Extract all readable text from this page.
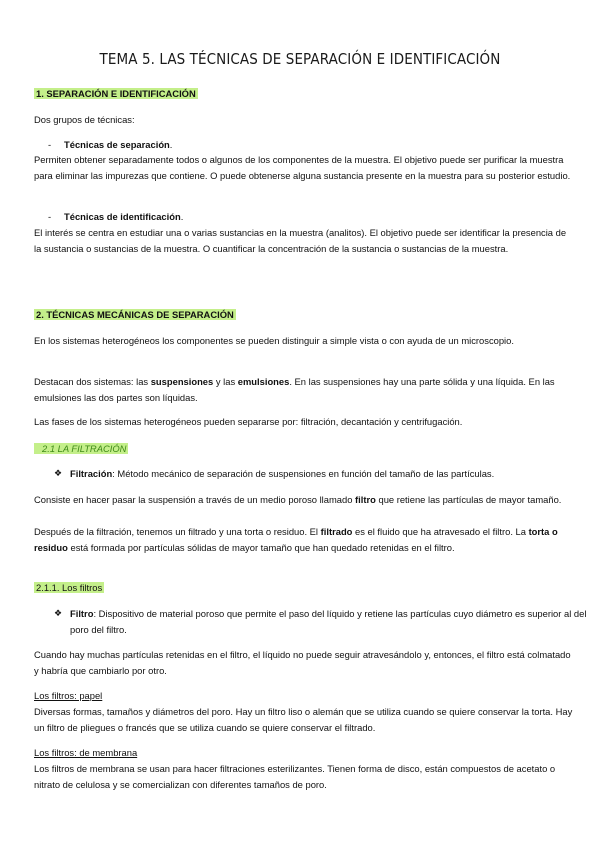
TEMA 5. LAS TÉCNICAS DE SEPARACIÓN E IDENTIFICACIÓN
1. SEPARACIÓN E IDENTIFICACIÓN

Dos grupos de técnicas:

- Técnicas de separación.

Permiten obtener separadamente todos o algunos de los componentes de la muestra. El objetivo puede ser purificar la muestra para eliminar las impurezas que contiene. O puede obtenerse alguna sustancia presente en la muestra para su posterior estudio.

- Técnicas de identificación.

El interés se centra en estudiar una o varias sustancias en la muestra (analitos). El objetivo puede ser identificar la presencia de la sustancia o sustancias de la muestra. O cuantificar la concentración de la sustancia o sustancias de la muestra.

2. TÉCNICAS MECÁNICAS DE SEPARACIÓN

En los sistemas heterogéneos los componentes se pueden distinguir a simple vista o con ayuda de un microscopio.

Destacan dos sistemas: las suspensiones y las emulsiones. En las suspensiones hay una parte sólida y una líquida. En las emulsiones las dos partes son líquidas.

Las fases de los sistemas heterogéneos pueden separarse por: filtración, decantación y centrifugación.

2.1 LA FILTRACIÓN
❖ Filtración: Método mecánico de separación de suspensiones en función del tamaño de las partículas.

Consiste en hacer pasar la suspensión a través de un medio poroso llamado filtro que retiene las partículas de mayor tamaño.

Después de la filtración, tenemos un filtrado y una torta o residuo. El filtrado es el fluido que ha atravesado el filtro. La torta o residuo está formada por partículas sólidas de mayor tamaño que han quedado retenidas en el filtro.

2.1.1. Los filtros
❖ Filtro: Dispositivo de material poroso que permite el paso del líquido y retiene las partículas cuyo diámetro es superior al del poro del filtro.

Cuando hay muchas partículas retenidas en el filtro, el líquido no puede seguir atravesándolo y, entonces, el filtro está colmatado y habría que cambiarlo por otro.

Los filtros: papel

Diversas formas, tamaños y diámetros del poro. Hay un filtro liso o alemán que se utiliza cuando se quiere conservar la torta. Hay un filtro de pliegues o francés que se utiliza cuando se quiere conservar el filtrado.

Los filtros: de membrana

Los filtros de membrana se usan para hacer filtraciones esterilizantes. Tienen forma de disco, están compuestos de acetato o nitrato de celulosa y se comercializan con diferentes tamaños de poro.
